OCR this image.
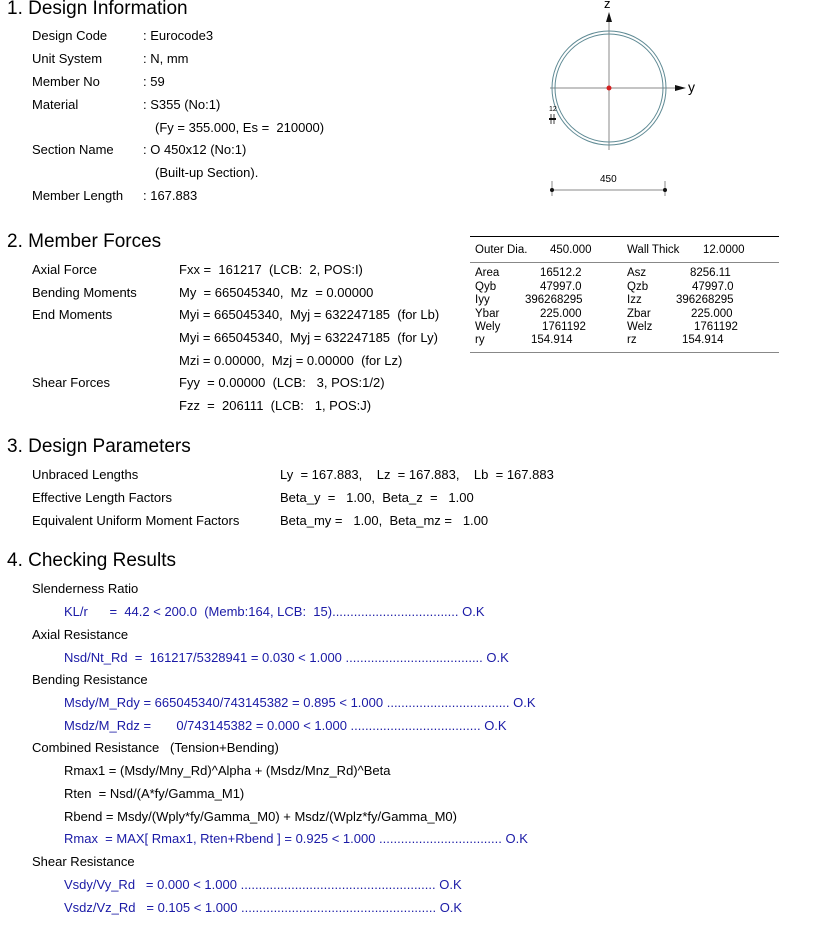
1. Design Information
Design Code	: Eurocode3
Unit System	: N, mm
Member No	: 59
Material	: S355 (No:1)
(Fy = 355.000, Es =  210000)
Section Name : O 450x12 (No:1)
(Built-up Section).
Member Length : 167.883
z
y
12
450
Outer Dia. 450.000	Wall Thick 12.0000
Area	16512.2	Asz	8256.11
Qyb	47997.0	Qzb	47997.0
Iyy	396268295	Izz	396268295
Ybar	225.000	Zbar	225.000
Wely	1761192	Welz	1761192
ry	154.914	rz	154.914
2. Member Forces
Axial Force	Fxx =  161217  (LCB:  2, POS:I)
Bending Moments	My  = 665045340,  Mz  = 0.00000
End Moments	Myi = 665045340,  Myj = 632247185  (for Lb)
Myi = 665045340,  Myj = 632247185  (for Ly)
Mzi = 0.00000,  Mzj = 0.00000  (for Lz)
Shear Forces	Fyy  = 0.00000  (LCB:   3, POS:1/2)
Fzz  =  206111  (LCB:   1, POS:J)
3. Design Parameters
Unbraced Lengths	Ly  = 167.883,    Lz  = 167.883,    Lb  = 167.883
Effective Length Factors	Beta_y  =   1.00,  Beta_z  =   1.00
Equivalent Uniform Moment Factors	Beta_my =   1.00,  Beta_mz =   1.00
4. Checking Results
Slenderness Ratio
KL/r      =  44.2 < 200.0  (Memb:164, LCB:  15)................................... O.K
Axial Resistance
Nsd/Nt_Rd  =  161217/5328941 = 0.030 < 1.000 ...................................... O.K
Bending Resistance
Msdy/M_Rdy = 665045340/743145382 = 0.895 < 1.000 .................................. O.K
Msdz/M_Rdz =       0/743145382 = 0.000 < 1.000 .................................... O.K
Combined Resistance   (Tension+Bending)
Rmax1 = (Msdy/Mny_Rd)^Alpha + (Msdz/Mnz_Rd)^Beta
Rten  = Nsd/(A*fy/Gamma_M1)
Rbend = Msdy/(Wply*fy/Gamma_M0) + Msdz/(Wplz*fy/Gamma_M0)
Rmax  = MAX[ Rmax1, Rten+Rbend ] = 0.925 < 1.000 .................................. O.K
Shear Resistance
Vsdy/Vy_Rd   = 0.000 < 1.000 ...................................................... O.K
Vsdz/Vz_Rd   = 0.105 < 1.000 ...................................................... O.K
